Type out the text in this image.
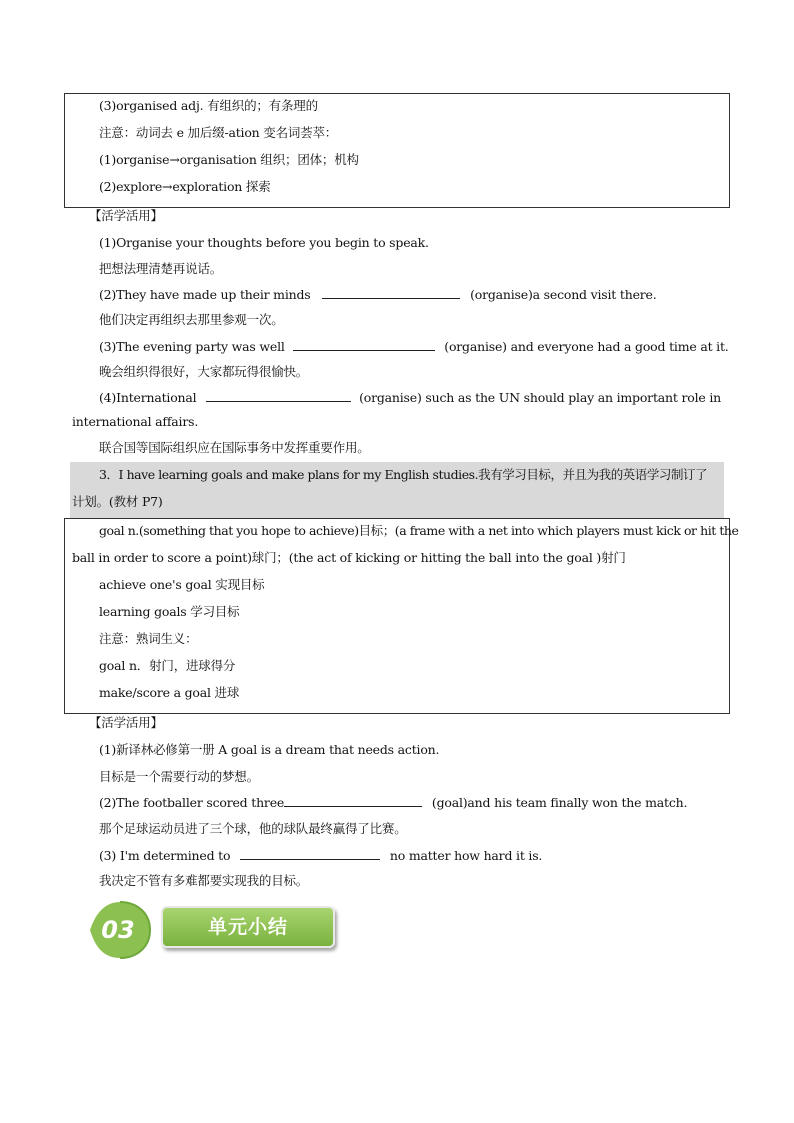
(3)organised adj. 有组织的；有条理的
注意：动词去 e 加后缀-ation 变名词荟萃：
(1)organise→organisation 组织；团体；机构
(2)explore→exploration 探索
【活学活用】
(1)Organise your thoughts before you begin to speak.
把想法理清楚再说话。
(2)They have made up their minds	(organise)a second visit there.
他们决定再组织去那里参观一次。
(3)The evening party was well	(organise) and everyone had a good time at it.
晚会组织得很好，大家都玩得很愉快。
(4)International	(organise) such as the UN should play an important role in
international affairs.
联合国等国际组织应在国际事务中发挥重要作用。
3．I have learning goals and make plans for my English studies.我有学习目标，并且为我的英语学习制订了
计划。(教材 P7)
goal n.(something that you hope to achieve)目标；(a frame with a net into which players must kick or hit the
ball in order to score a point)球门；(the act of kicking or hitting the ball into the goal )射门
achieve one's goal 实现目标
learning goals 学习目标
注意：熟词生义：
goal n．射门，进球得分
make/score a goal 进球
【活学活用】
(1)新译林必修第一册 A goal is a dream that needs action.
目标是一个需要行动的梦想。
(2)The footballer scored three	(goal)and his team finally won the match.
那个足球运动员进了三个球，他的球队最终赢得了比赛。
(3) I'm determined to	no matter how hard it is.
我决定不管有多难都要实现我的目标。
03	单元小结
